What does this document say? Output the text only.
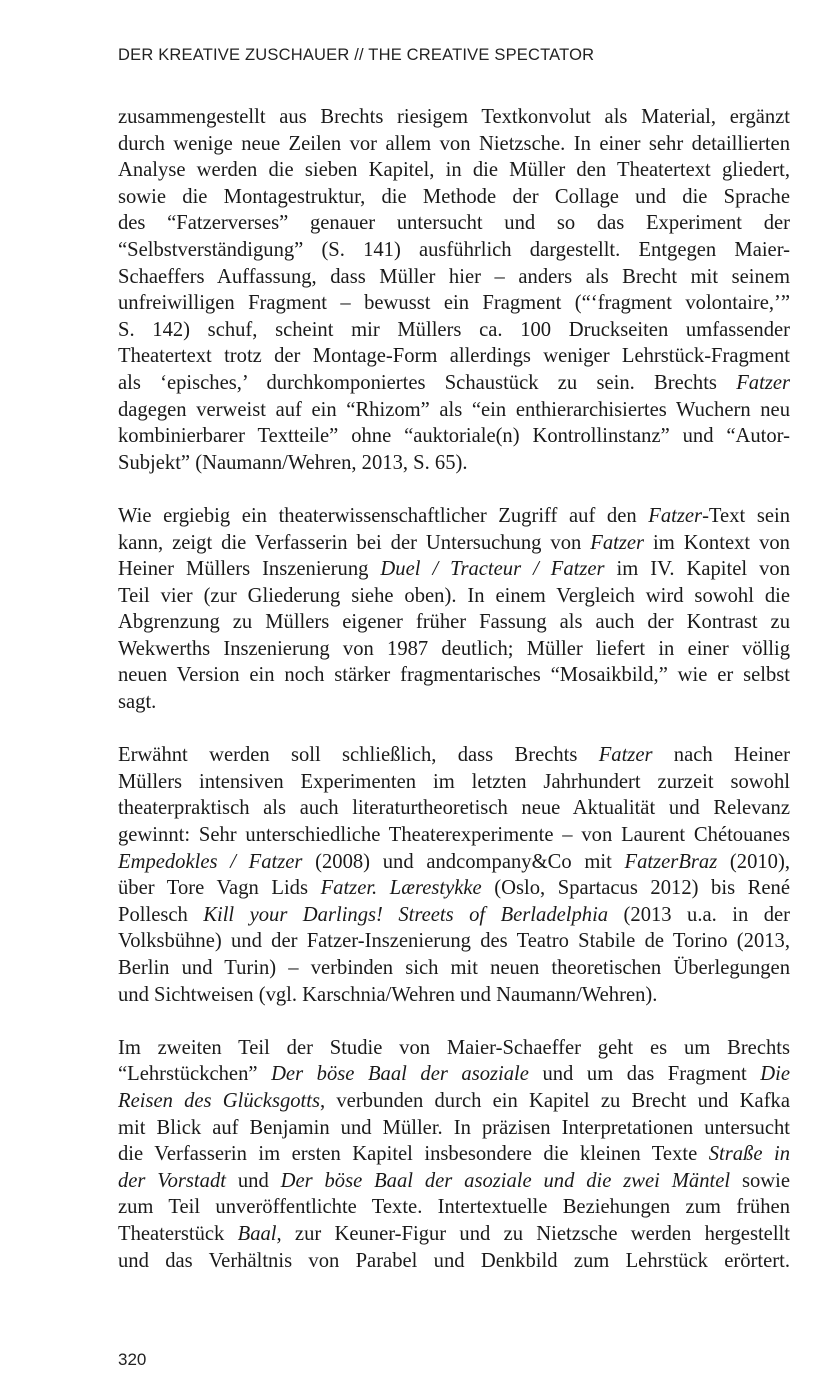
DER KREATIVE ZUSCHAUER // THE CREATIVE SPECTATOR

zusammengestellt aus Brechts riesigem Textkonvolut als Material, ergänzt
durch wenige neue Zeilen vor allem von Nietzsche. In einer sehr detaillierten
Analyse werden die sieben Kapitel, in die Müller den Theatertext gliedert,
sowie die Montagestruktur, die Methode der Collage und die Sprache
des “Fatzerverses” genauer untersucht und so das Experiment der
“Selbstverständigung” (S. 141) ausführlich dargestellt. Entgegen Maier-
Schaeffers Auffassung, dass Müller hier – anders als Brecht mit seinem
unfreiwilligen Fragment – bewusst ein Fragment (“‘fragment volontaire,’”
S. 142) schuf, scheint mir Müllers ca. 100 Druckseiten umfassender
Theatertext trotz der Montage-Form allerdings weniger Lehrstück-Fragment
als ‘episches,’ durchkomponiertes Schaustück zu sein. Brechts Fatzer
dagegen verweist auf ein “Rhizom” als “ein enthierarchisiertes Wuchern neu
kombinierbarer Textteile” ohne “auktoriale(n) Kontrollinstanz” und “Autor-
Subjekt” (Naumann/Wehren, 2013, S. 65).

Wie ergiebig ein theaterwissenschaftlicher Zugriff auf den Fatzer-Text sein
kann, zeigt die Verfasserin bei der Untersuchung von Fatzer im Kontext von
Heiner Müllers Inszenierung Duel / Tracteur / Fatzer im IV. Kapitel von
Teil vier (zur Gliederung siehe oben). In einem Vergleich wird sowohl die
Abgrenzung zu Müllers eigener früher Fassung als auch der Kontrast zu
Wekwerths Inszenierung von 1987 deutlich; Müller liefert in einer völlig
neuen Version ein noch stärker fragmentarisches “Mosaikbild,” wie er selbst
sagt.

Erwähnt werden soll schließlich, dass Brechts Fatzer nach Heiner
Müllers intensiven Experimenten im letzten Jahrhundert zurzeit sowohl
theaterpraktisch als auch literaturtheoretisch neue Aktualität und Relevanz
gewinnt: Sehr unterschiedliche Theaterexperimente – von Laurent Chétouanes
Empedokles / Fatzer (2008) und andcompany&Co mit FatzerBraz (2010),
über Tore Vagn Lids Fatzer. Lærestykke (Oslo, Spartacus 2012) bis René
Pollesch Kill your Darlings! Streets of Berladelphia (2013 u.a. in der
Volksbühne) und der Fatzer-Inszenierung des Teatro Stabile de Torino (2013,
Berlin und Turin) – verbinden sich mit neuen theoretischen Überlegungen
und Sichtweisen (vgl. Karschnia/Wehren und Naumann/Wehren).

Im zweiten Teil der Studie von Maier-Schaeffer geht es um Brechts
“Lehrstückchen” Der böse Baal der asoziale und um das Fragment Die
Reisen des Glücksgotts, verbunden durch ein Kapitel zu Brecht und Kafka
mit Blick auf Benjamin und Müller. In präzisen Interpretationen untersucht
die Verfasserin im ersten Kapitel insbesondere die kleinen Texte Straße in
der Vorstadt und Der böse Baal der asoziale und die zwei Mäntel sowie
zum Teil unveröffentlichte Texte. Intertextuelle Beziehungen zum frühen
Theaterstück Baal, zur Keuner-Figur und zu Nietzsche werden hergestellt
und das Verhältnis von Parabel und Denkbild zum Lehrstück erörtert.

320
